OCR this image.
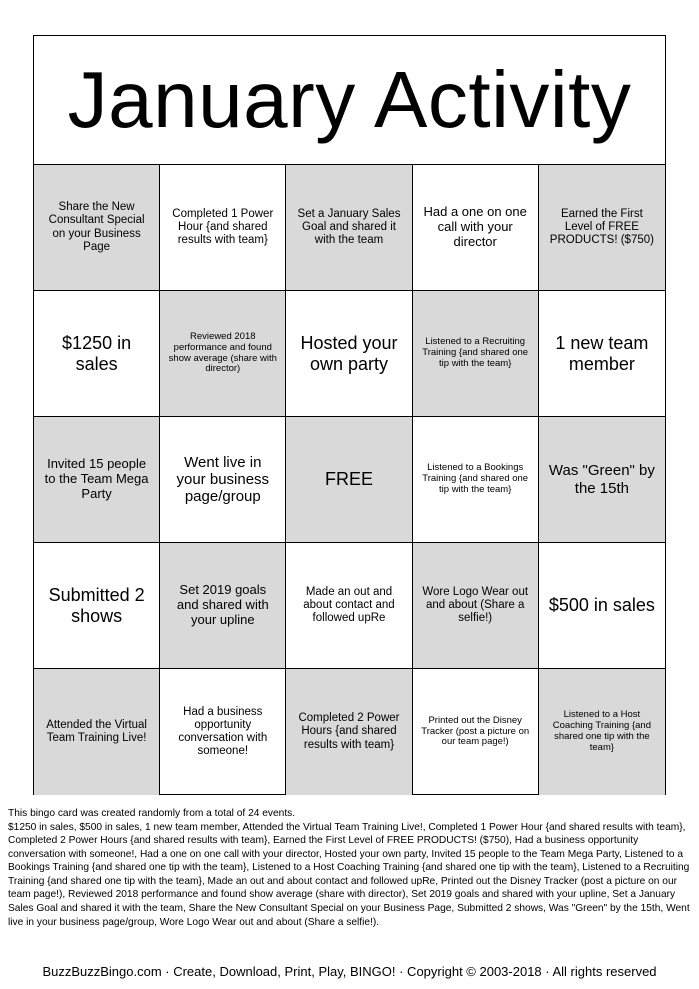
January Activity
Share the New Consultant Special on your Business Page
Completed 1 Power Hour {and shared results with team}
Set a January Sales Goal and shared it with the team
Had a one on one call with your director
Earned the First Level of FREE PRODUCTS! ($750)
$1250 in sales
Reviewed 2018 performance and found show average (share with director)
Hosted your own party
Listened to a Recruiting Training {and shared one tip with the team}
1 new team member
Invited 15 people to the Team Mega Party
Went live in your business page/group
FREE
Listened to a Bookings Training {and shared one tip with the team}
Was "Green" by the 15th
Submitted 2 shows
Set 2019 goals and shared with your upline
Made an out and about contact and followed upRe
Wore Logo Wear out and about (Share a selfie!)
$500 in sales
Attended the Virtual Team Training Live!
Had a business opportunity conversation with someone!
Completed 2 Power Hours {and shared results with team}
Printed out the Disney Tracker (post a picture on our team page!)
Listened to a Host Coaching Training {and shared one tip with the team}

This bingo card was created randomly from a total of 24 events.

$1250 in sales, $500 in sales, 1 new team member, Attended the Virtual Team Training Live!, Completed 1 Power Hour {and shared results with team}, Completed 2 Power Hours {and shared results with team}, Earned the First Level of FREE PRODUCTS! ($750), Had a business opportunity conversation with someone!, Had a one on one call with your director, Hosted your own party, Invited 15 people to the Team Mega Party, Listened to a Bookings Training {and shared one tip with the team}, Listened to a Host Coaching Training {and shared one tip with the team}, Listened to a Recruiting Training {and shared one tip with the team}, Made an out and about contact and followed upRe, Printed out the Disney Tracker (post a picture on our team page!), Reviewed 2018 performance and found show average (share with director), Set 2019 goals and shared with your upline, Set a January Sales Goal and shared it with the team, Share the New Consultant Special on your Business Page, Submitted 2 shows, Was "Green" by the 15th, Went live in your business page/group, Wore Logo Wear out and about (Share a selfie!).

BuzzBuzzBingo.com · Create, Download, Print, Play, BINGO! · Copyright © 2003-2018 · All rights reserved
